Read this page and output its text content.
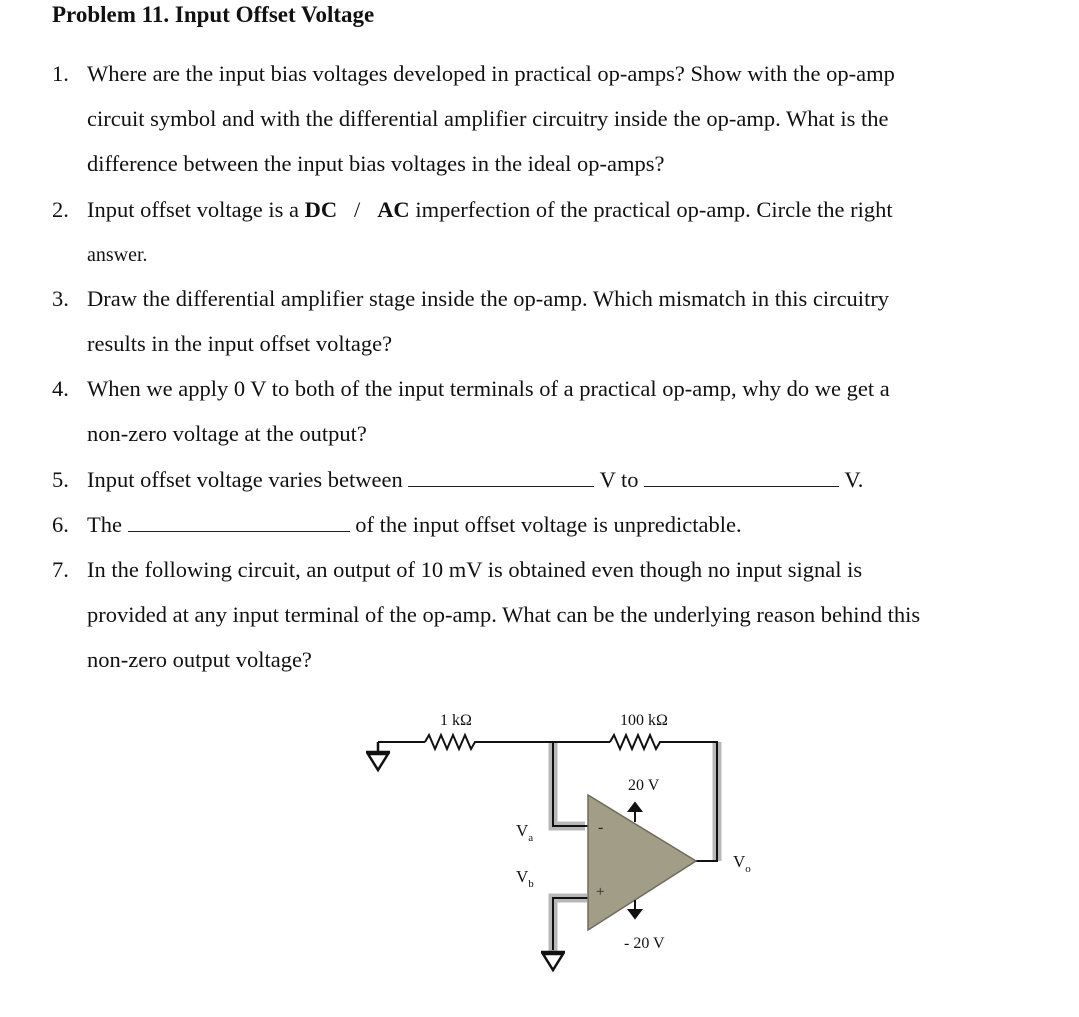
Problem 11. Input Offset Voltage
1. Where are the input bias voltages developed in practical op-amps? Show with the op-amp
circuit symbol and with the differential amplifier circuitry inside the op-amp. What is the
difference between the input bias voltages in the ideal op-amps?
2. Input offset voltage is a DC / AC imperfection of the practical op-amp. Circle the right
answer.
3. Draw the differential amplifier stage inside the op-amp. Which mismatch in this circuitry
results in the input offset voltage?
4. When we apply 0 V to both of the input terminals of a practical op-amp, why do we get a
non-zero voltage at the output?
5. Input offset voltage varies between	V to	V.
6. The	of the input offset voltage is unpredictable.
7. In the following circuit, an output of 10 mV is obtained even though no input signal is
provided at any input terminal of the op-amp. What can be the underlying reason behind this
non-zero output voltage?
-
+
1 kΩ	100 kΩ
20 V
- 20 V
$V_a$
$V_b$
$V_o$
